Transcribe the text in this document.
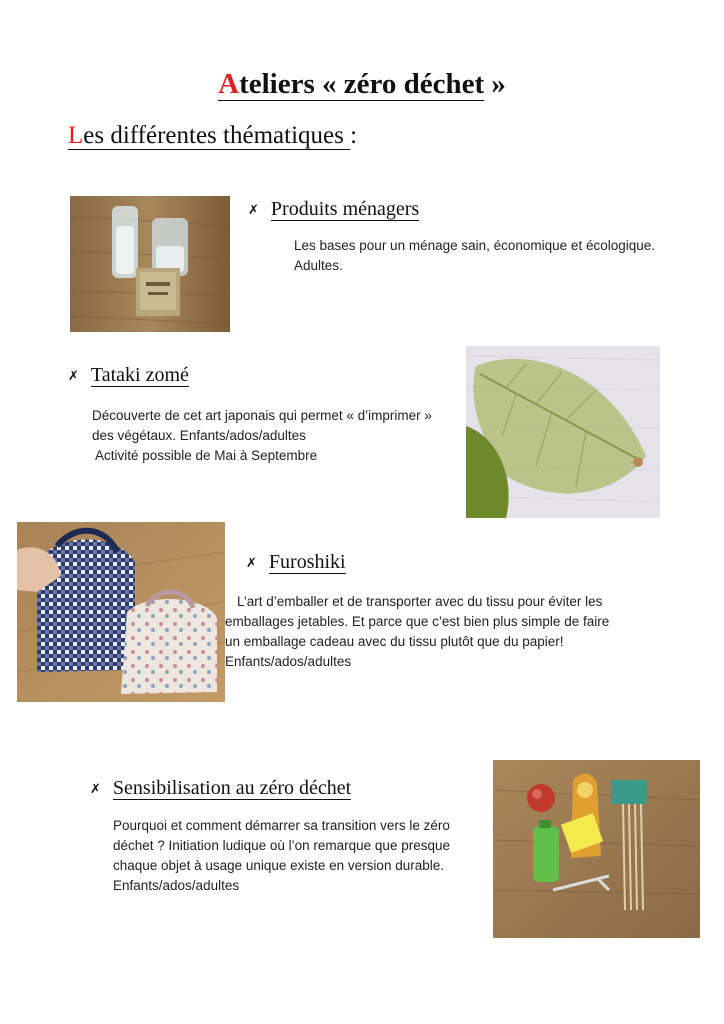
Ateliers « zéro déchet »
Les différentes thématiques :
✗ Produits ménagers

Les bases pour un ménage sain, économique et écologique.

Adultes.

✗ Tataki zomé

Découverte de cet art japonais qui permet « d’imprimer »

des végétaux. Enfants/ados/adultes

Activité possible de Mai à Septembre

✗ Furoshiki

L’art d’emballer et de transporter avec du tissu pour éviter les

emballages jetables. Et parce que c’est bien plus simple de faire

un emballage cadeau avec du tissu plutôt que du papier!

Enfants/ados/adultes

✗ Sensibilisation au zéro déchet

Pourquoi et comment démarrer sa transition vers le zéro

déchet ? Initiation ludique où l’on remarque que presque

chaque objet à usage unique existe en version durable.

Enfants/ados/adultes
